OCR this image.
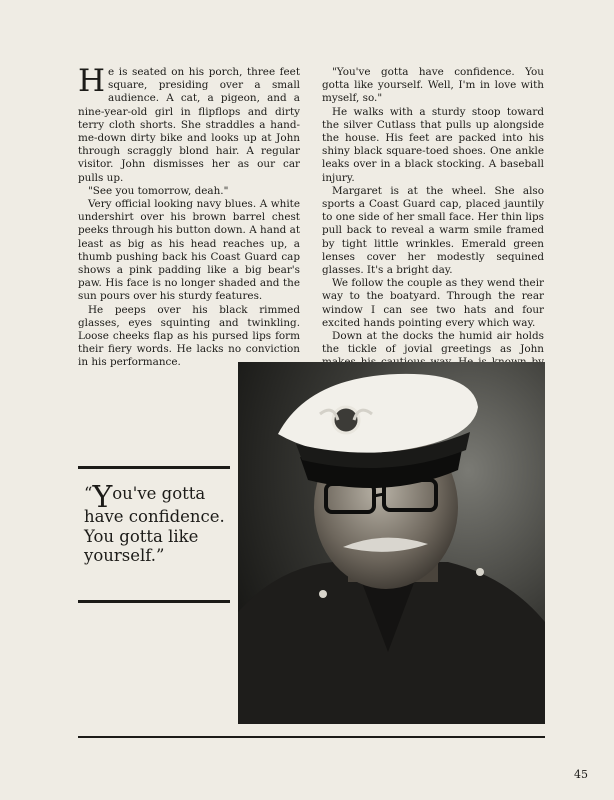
He is seated on his porch, three feet square, presiding over a small audience. A cat, a pigeon, and a nine-year-old girl in flipflops and dirty terry cloth shorts. She straddles a hand-me-down dirty bike and looks up at John through scraggly blond hair. A regular visitor. John dismisses her as our car pulls up.

"See you tomorrow, deah."

Very official looking navy blues. A white undershirt over his brown barrel chest peeks through his button down. A hand at least as big as his head reaches up, a thumb pushing back his Coast Guard cap shows a pink padding like a big bear's paw. His face is no longer shaded and the sun pours over his sturdy features.

He peeps over his black rimmed glasses, eyes squinting and twinkling. Loose cheeks flap as his pursed lips form their fiery words. He lacks no conviction in his performance.

"You've gotta have confidence. You gotta like yourself. Well, I'm in love with myself, so."

He walks with a sturdy stoop toward the silver Cutlass that pulls up alongside the house. His feet are packed into his shiny black square-toed shoes. One ankle leaks over in a black stocking. A baseball injury.

Margaret is at the wheel. She also sports a Coast Guard cap, placed jauntily to one side of her small face. Her thin lips pull back to reveal a warm smile framed by tight little wrinkles. Emerald green lenses cover her modestly sequined glasses. It's a bright day.

We follow the couple as they wend their way to the boatyard. Through the rear window I can see two hats and four excited hands pointing every which way.

Down at the docks the humid air holds the tickle of jovial greetings as John

“You've gotta have confidence. You gotta like yourself.”
45
